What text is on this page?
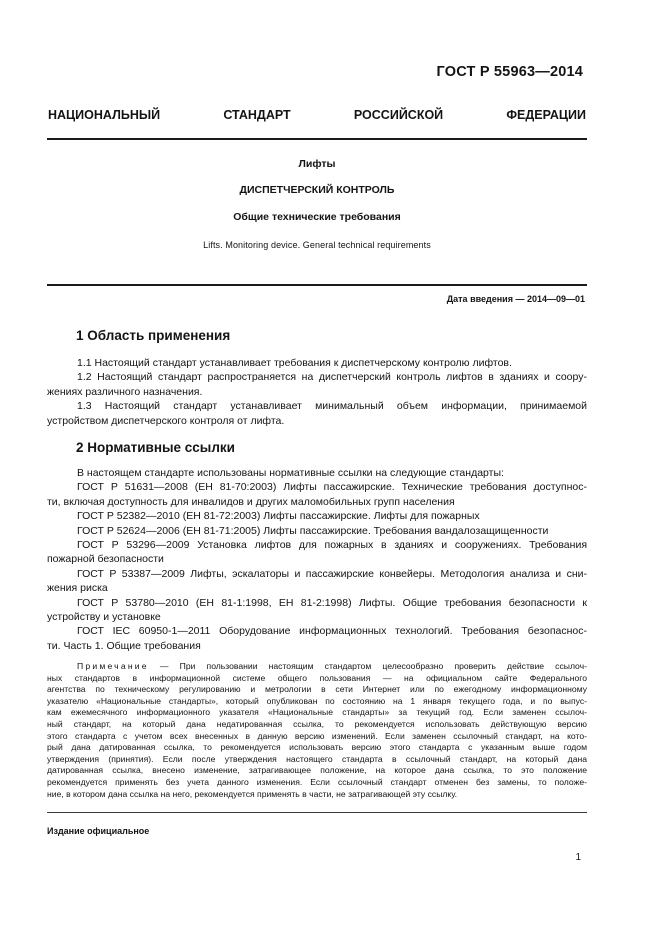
ГОСТ Р 55963—2014
НАЦИОНАЛЬНЫЙ СТАНДАРТ РОССИЙСКОЙ ФЕДЕРАЦИИ
Лифты
ДИСПЕТЧЕРСКИЙ КОНТРОЛЬ
Общие технические требования
Lifts. Monitoring device. General technical requirements
Дата введения — 2014—09—01
1 Область применения
1.1 Настоящий стандарт устанавливает требования к диспетчерскому контролю лифтов.
1.2 Настоящий стандарт распространяется на диспетчерский контроль лифтов в зданиях и соору-
жениях различного назначения.
1.3 Настоящий стандарт устанавливает минимальный объем информации, принимаемой
устройством диспетчерского контроля от лифта.
2 Нормативные ссылки
В настоящем стандарте использованы нормативные ссылки на следующие стандарты:
ГОСТ Р 51631—2008 (ЕН 81-70:2003) Лифты пассажирские. Технические требования доступнос-
ти, включая доступность для инвалидов и других маломобильных групп населения
ГОСТ Р 52382—2010 (ЕН 81-72:2003) Лифты пассажирские. Лифты для пожарных
ГОСТ Р 52624—2006 (ЕН 81-71:2005) Лифты пассажирские. Требования вандалозащищенности
ГОСТ Р 53296—2009 Установка лифтов для пожарных в зданиях и сооружениях. Требования
пожарной безопасности
ГОСТ Р 53387—2009 Лифты, эскалаторы и пассажирские конвейеры. Методология анализа и сни-
жения риска
ГОСТ Р 53780—2010 (ЕН 81-1:1998, ЕН 81-2:1998) Лифты. Общие требования безопасности к
устройству и установке
ГОСТ IEC 60950-1—2011 Оборудование информационных технологий. Требования безопаснос-
ти. Часть 1. Общие требования
Примечание — При пользовании настоящим стандартом целесообразно проверить действие ссылоч-
ных стандартов в информационной системе общего пользования — на официальном сайте Федерального
агентства по техническому регулированию и метрологии в сети Интернет или по ежегодному информационному
указателю «Национальные стандарты», который опубликован по состоянию на 1 января текущего года, и по выпус-
кам ежемесячного информационного указателя «Национальные стандарты» за текущий год. Если заменен ссылоч-
ный стандарт, на который дана недатированная ссылка, то рекомендуется использовать действующую версию
этого стандарта с учетом всех внесенных в данную версию изменений. Если заменен ссылочный стандарт, на кото-
рый дана датированная ссылка, то рекомендуется использовать версию этого стандарта с указанным выше годом
утверждения (принятия). Если после утверждения настоящего стандарта в ссылочный стандарт, на который дана
датированная ссылка, внесено изменение, затрагивающее положение, на которое дана ссылка, то это положение
рекомендуется применять без учета данного изменения. Если ссылочный стандарт отменен без замены, то положе-
ние, в котором дана ссылка на него, рекомендуется применять в части, не затрагивающей эту ссылку.
Издание официальное
1
